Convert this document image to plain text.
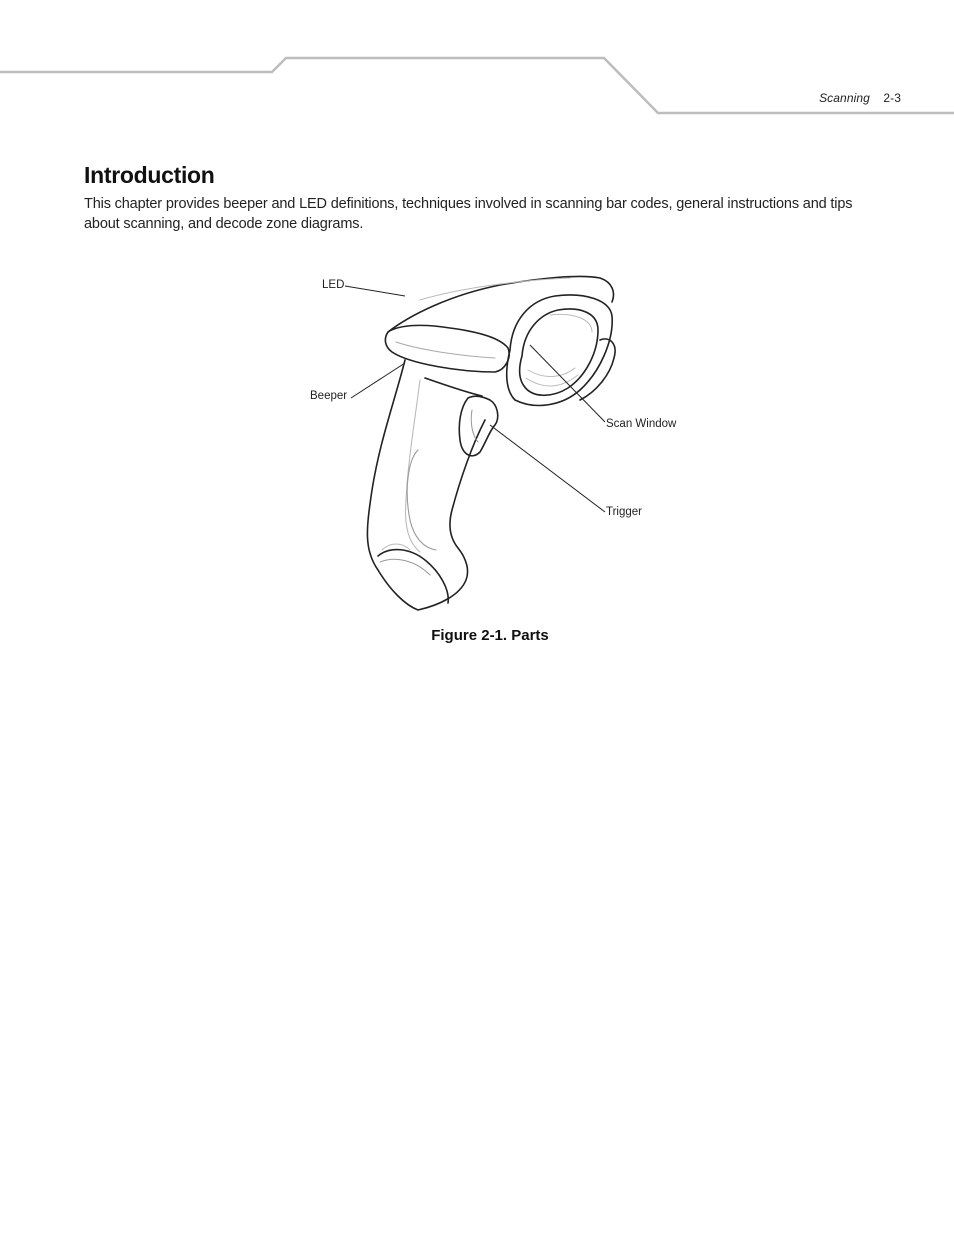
Scanning 2-3
Introduction

This chapter provides beeper and LED definitions, techniques involved in scanning bar codes, general instructions and tips about scanning, and decode zone diagrams.

LED
Beeper
Scan Window
Trigger

Figure 2-1. Parts
